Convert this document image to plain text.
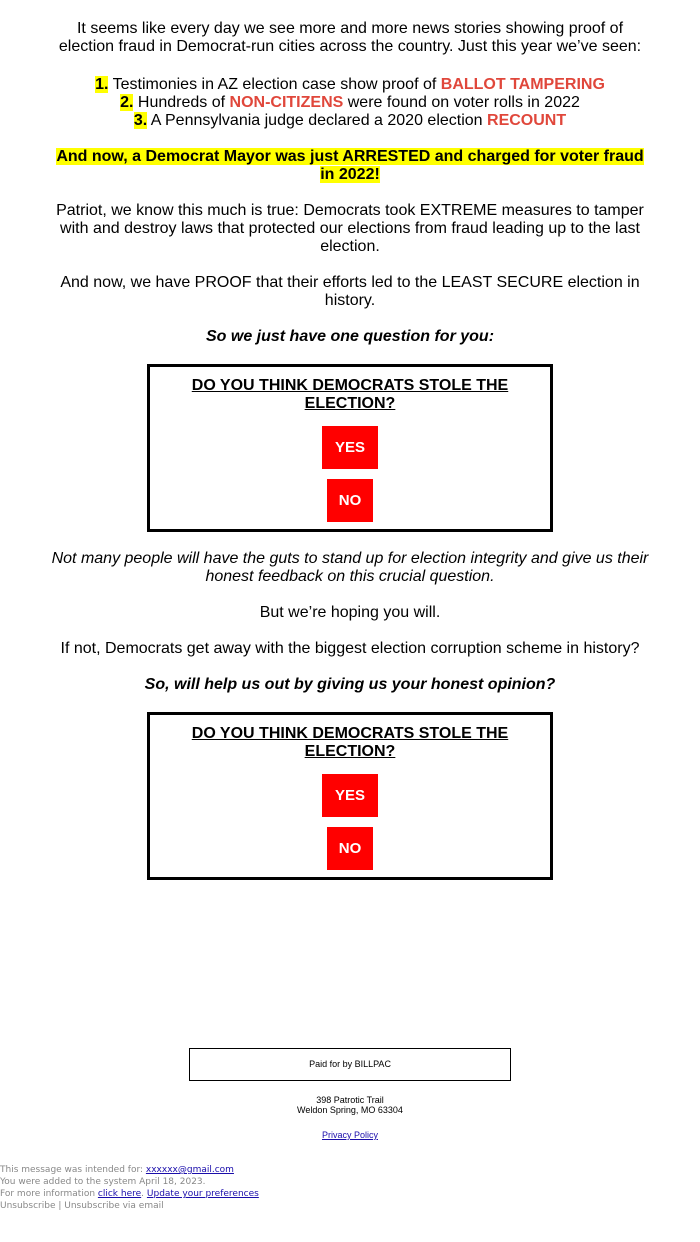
It seems like every day we see more and more news stories showing proof of election fraud in Democrat-run cities across the country. Just this year we’ve seen:

1. Testimonies in AZ election case show proof of BALLOT TAMPERING
2. Hundreds of NON-CITIZENS were found on voter rolls in 2022
3. A Pennsylvania judge declared a 2020 election RECOUNT

And now, a Democrat Mayor was just ARRESTED and charged for voter fraud in 2022!

Patriot, we know this much is true: Democrats took EXTREME measures to tamper with and destroy laws that protected our elections from fraud leading up to the last election.

And now, we have PROOF that their efforts led to the LEAST SECURE election in history.

So we just have one question for you:

DO YOU THINK DEMOCRATS STOLE THE ELECTION?
YES
NO
Not many people will have the guts to stand up for election integrity and give us their honest feedback on this crucial question.
But we’re hoping you will.
If not, Democrats get away with the biggest election corruption scheme in history?
So, will help us out by giving us your honest opinion?
DO YOU THINK DEMOCRATS STOLE THE ELECTION?
YES
NO
Paid for by BILLPAC
398 Patrotic Trail
Weldon Spring, MO 63304
Privacy Policy
This message was intended for: xxxxxx@gmail.com
You were added to the system April 18, 2023.
For more information click here. Update your preferences
Unsubscribe | Unsubscribe via email
